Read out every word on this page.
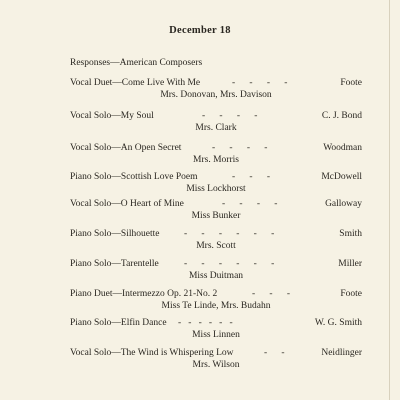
December 18
Responses—American Composers
Vocal Duet—Come Live With Me	-      -      -      -	Foote
Mrs. Donovan, Mrs. Davison
Vocal Solo—My Soul	-      -      -      -	C. J. Bond
Mrs. Clark
Vocal Solo—An Open Secret	-      -      -      -	Woodman
Mrs. Morris
Piano Solo—Scottish Love Poem	-      -      -	McDowell
Miss Lockhorst
Vocal Solo—O Heart of Mine	-      -      -      -	Galloway
Miss Bunker
Piano Solo—Silhouette	-      -      -      -      -      -	Smith
Mrs. Scott
Piano Solo—Tarentelle	-      -      -      -      -      -	Miller
Miss Duitman
Piano Duet—Intermezzo Op. 21-No. 2	-      -      -	Foote
Miss Te Linde, Mrs. Budahn
Piano Solo—Elfin Dance -   -   -   -   -   -	W. G. Smith
Miss Linnen
Vocal Solo—The Wind is Whispering Low	-      -	Neidlinger
Mrs. Wilson
